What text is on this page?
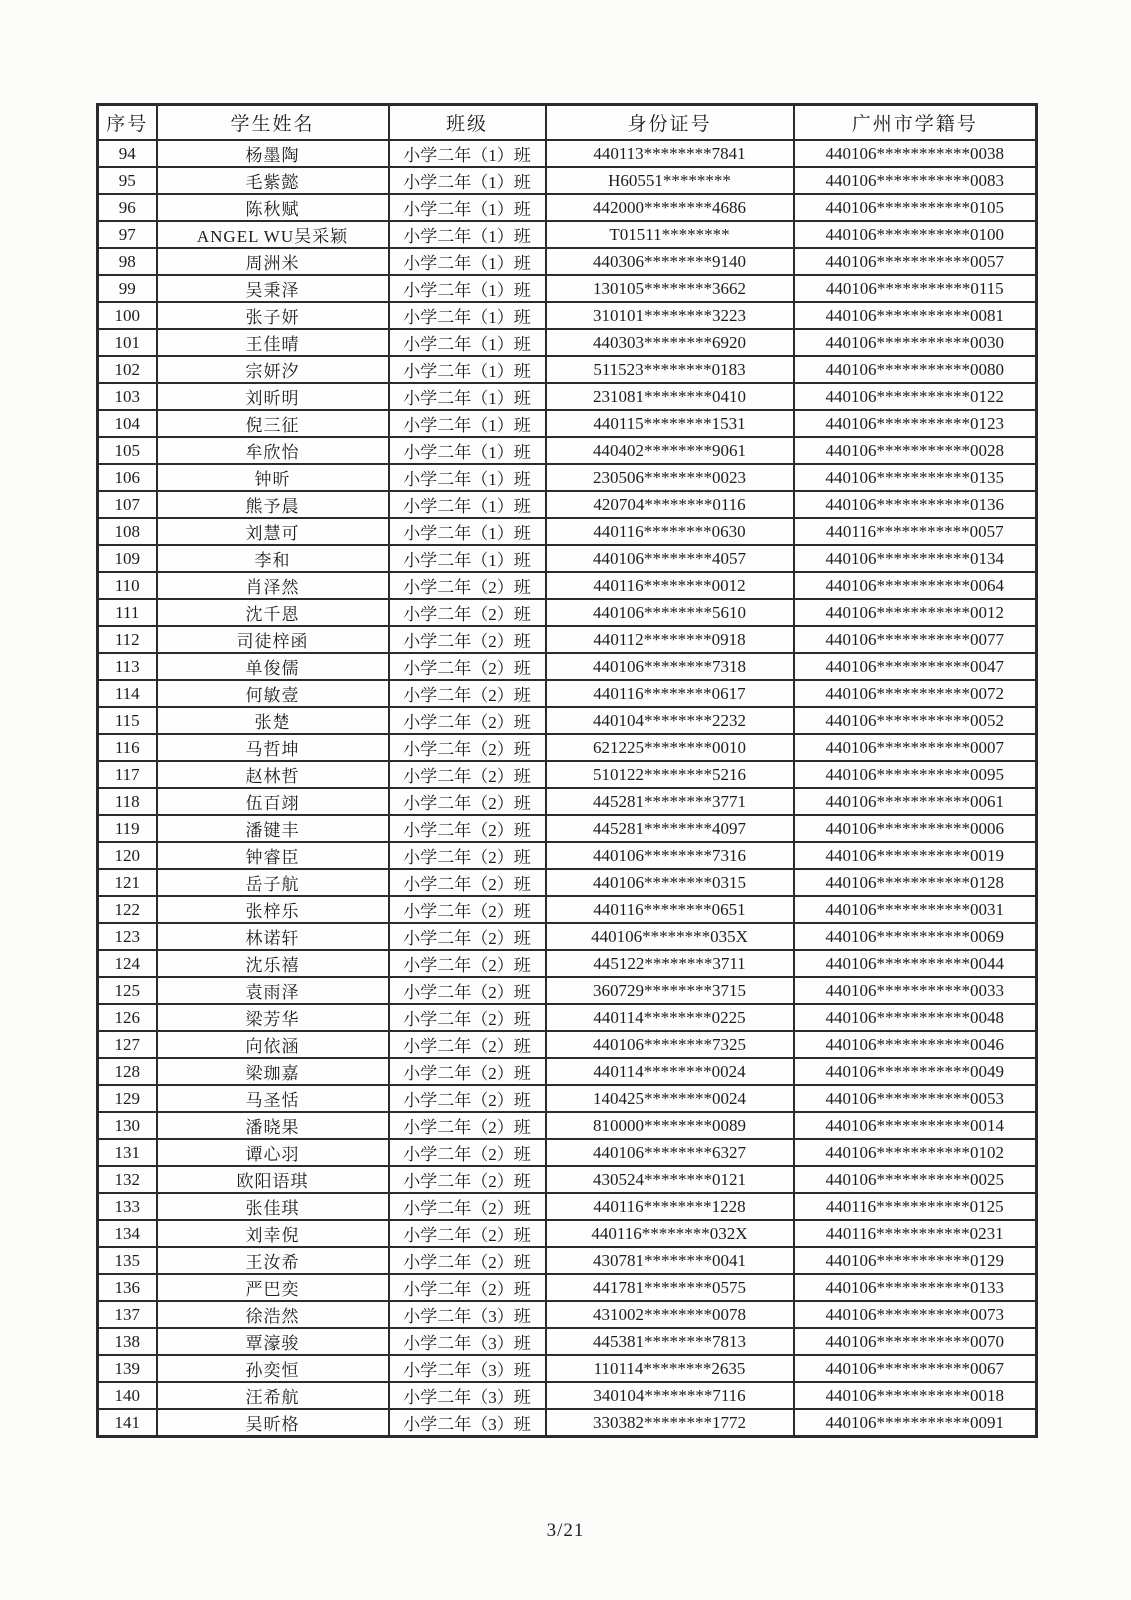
序号	学生姓名	班级	身份证号	广州市学籍号
94	杨墨陶	小学二年（1）班	440113********7841	440106***********0038
95	毛紫懿	小学二年（1）班	H60551********	440106***********0083
96	陈秋赋	小学二年（1）班	442000********4686	440106***********0105
97	ANGEL WU吴采颖	小学二年（1）班	T01511********	440106***********0100
98	周洲米	小学二年（1）班	440306********9140	440106***********0057
99	吴秉泽	小学二年（1）班	130105********3662	440106***********0115
100	张子妍	小学二年（1）班	310101********3223	440106***********0081
101	王佳晴	小学二年（1）班	440303********6920	440106***********0030
102	宗妍汐	小学二年（1）班	511523********0183	440106***********0080
103	刘昕明	小学二年（1）班	231081********0410	440106***********0122
104	倪三征	小学二年（1）班	440115********1531	440106***********0123
105	牟欣怡	小学二年（1）班	440402********9061	440106***********0028
106	钟昕	小学二年（1）班	230506********0023	440106***********0135
107	熊予晨	小学二年（1）班	420704********0116	440106***********0136
108	刘慧可	小学二年（1）班	440116********0630	440116***********0057
109	李和	小学二年（1）班	440106********4057	440106***********0134
110	肖泽然	小学二年（2）班	440116********0012	440106***********0064
111	沈千恩	小学二年（2）班	440106********5610	440106***********0012
112	司徒梓函	小学二年（2）班	440112********0918	440106***********0077
113	单俊儒	小学二年（2）班	440106********7318	440106***********0047
114	何敏壹	小学二年（2）班	440116********0617	440106***********0072
115	张楚	小学二年（2）班	440104********2232	440106***********0052
116	马哲坤	小学二年（2）班	621225********0010	440106***********0007
117	赵林哲	小学二年（2）班	510122********5216	440106***********0095
118	伍百翊	小学二年（2）班	445281********3771	440106***********0061
119	潘键丰	小学二年（2）班	445281********4097	440106***********0006
120	钟睿臣	小学二年（2）班	440106********7316	440106***********0019
121	岳子航	小学二年（2）班	440106********0315	440106***********0128
122	张梓乐	小学二年（2）班	440116********0651	440106***********0031
123	林诺轩	小学二年（2）班	440106********035X	440106***********0069
124	沈乐禧	小学二年（2）班	445122********3711	440106***********0044
125	袁雨泽	小学二年（2）班	360729********3715	440106***********0033
126	梁芳华	小学二年（2）班	440114********0225	440106***********0048
127	向依涵	小学二年（2）班	440106********7325	440106***********0046
128	梁珈嘉	小学二年（2）班	440114********0024	440106***********0049
129	马圣恬	小学二年（2）班	140425********0024	440106***********0053
130	潘晓果	小学二年（2）班	810000********0089	440106***********0014
131	谭心羽	小学二年（2）班	440106********6327	440106***********0102
132	欧阳语琪	小学二年（2）班	430524********0121	440106***********0025
133	张佳琪	小学二年（2）班	440116********1228	440116***********0125
134	刘幸倪	小学二年（2）班	440116********032X	440116***********0231
135	王汝希	小学二年（2）班	430781********0041	440106***********0129
136	严巴奕	小学二年（2）班	441781********0575	440106***********0133
137	徐浩然	小学二年（3）班	431002********0078	440106***********0073
138	覃濠骏	小学二年（3）班	445381********7813	440106***********0070
139	孙奕恒	小学二年（3）班	110114********2635	440106***********0067
140	汪希航	小学二年（3）班	340104********7116	440106***********0018
141	吴昕格	小学二年（3）班	330382********1772	440106***********0091
3/21
